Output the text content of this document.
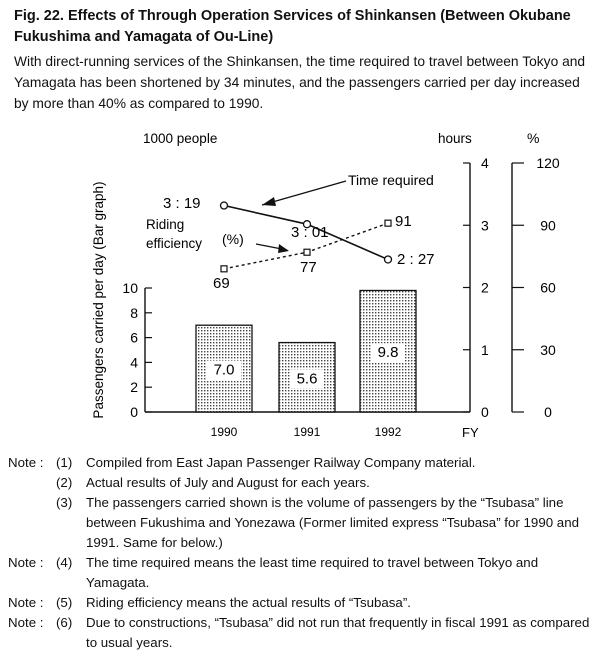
Fig. 22. Effects of Through Operation Services of Shinkansen (Between Okubane
Fukushima and Yamagata of Ou-Line)
With direct-running services of the Shinkansen, the time required to travel between Tokyo and Yamagata has been shortened by 34 minutes, and the passengers carried per day increased by more than 40% as compared to 1990.
0
2
4
6
8
10
0
1
2
3
4
0
30
60
90
120
1000 people	hours	%
Passengers carried per day (Bar graph)	7.0
5.6
9.8
1990	1991	1992	FY
3 : 19
3 : 01
2 : 27
Time required
69
77
91
Riding
efficiency (%)
Note : (1)	Compiled from East Japan Passenger Railway Company material.
(2)	Actual results of July and August for each years.
(3)	The passengers carried shown is the volume of passengers by the “Tsubasa” line between Fukushima and Yonezawa (Former limited express “Tsubasa” for 1990 and 1991. Same for below.)
Note : (4)	The time required means the least time required to travel between Tokyo and Yamagata.
Note : (5)	Riding efficiency means the actual results of “Tsubasa”.
Note : (6)	Due to constructions, “Tsubasa” did not run that frequently in fiscal 1991 as compared to usual years.
